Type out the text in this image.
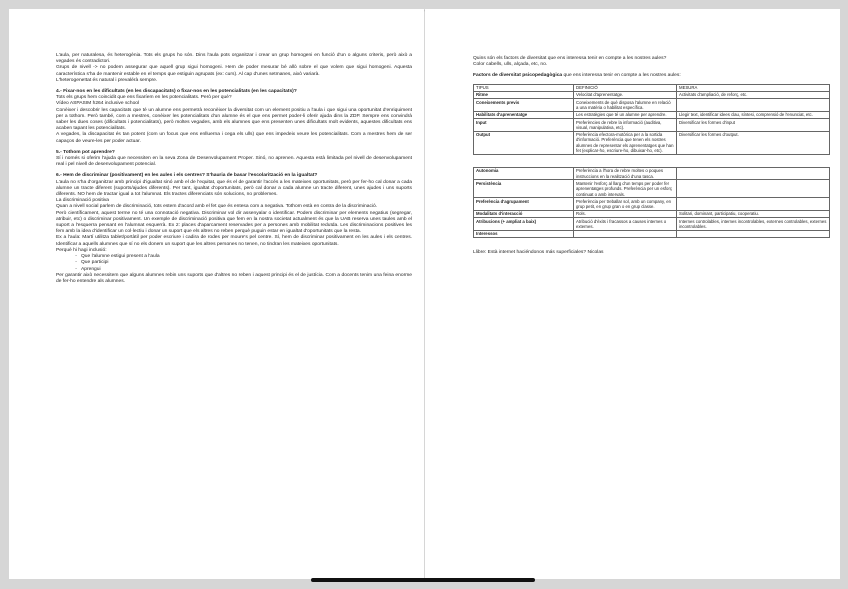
L'aula, per naturalesa, és heterogènia. Tots els grups ho són. Dins l'aula pots organitzar i crear un grup homogeni en funció d'un o alguns criteris, però això a vegades és contradictori.

Grups de nivell -> no podem assegurar que aquell grup sigui homogeni. Hem de poder mesurar bé allò sobre el que volem que sigui homogeni. Aquesta característica s'ha de mantenir estable en el temps que estiguin agrupats (ex: curs). Al cap d'unes setmanes, això variarà.

L'heterogeneïtat és natural i prevalérà sempre.

4.- Fixar-nos en les dificultats (en les discapacitats) o fixar-nos en les potencialitats (en les capacitats)?

Tots els grups hem coincidit que ens fixaríem en les potencialitats. Però per què?

Vídeo ASPASIM h264 inclusive school

Conèixer i descobrir les capacitats que té un alumne ens permetrà reconèixer la diversitat com un element positiu a l'aula i que sigui una oportunitat d'enriquiment per a tothom. Però també, com a mestres, conèixer les potencialitats d'un alumne és el que ens permet poder-li oferir ajuda dins la ZDP. Sempre ens convindrà saber les dues coses (dificultats i potencialitats), però moltes vegades, amb els alumnes que ens presenten unes dificultats molt evidents, aquestes dificultats ens acaben tapant les potencialitats.

A vegades, la discapacitat és tan potent (com un focus que ens enlluerna i cega els ulls) que ens impedeix veure les potencialitats. Com a mestres hem de ser capaços de veure-les per poder actuar.

5.- Tothom pot aprendre?

Sí i només si oferim l'ajuda que necessiten en la seva Zona de Desenvolupament Proper. Sinó, no aprenen. Aquesta està limitada pel nivell de desenvolupament real i pel nivell de desenvolupament potencial.

6.- Hem de discriminar (positivament) en les aules i els centres? S'hauria de basar l'escolarització en la igualtat?

L'aula no s'ha d'organitzar amb principi d'igualtat sinó amb el de l'equitat, que és el de garantir l'accés a les mateixes oportunitats, però per fer-ho cal donar a cada alumne un tracte diferent (suports/ajudes diferents). Per tant, igualtat d'oportunitats, però cal donar a cada alumne un tracte diferent, unes ajudes i uns suports diferents. NO hem de tractar igual a tot l'alumnat. Els tractes diferenciats són solucions, no problemes.

La discriminació positiva

Quan a nivell social parlem de discriminació, tots estem d'acord amb el fet que és entesa com a negativa. Tothom està en contra de la discriminació.

Però científicament, aquest terme no té una connotació negativa. Discriminar vol dir assenyalar o identificar. Podem discriminar per elements negatius (segregar, atribuir, etc) o discriminar positivament. Un exemple de discriminació positiva que fem en la nostra societat actualment és que la UAB reserva unes taules amb el suport a l'esquerra pensant en l'alumnat esquerrà. Ex 2: places d'aparcament reservades per a persones amb mobilitat reduïda. Les discriminacions positives les fem amb la idea d'identificar un col·lectiu i donar un suport que els altres no reben perquè puguin estar en igualtat d'oportunitats que la resta.

Ex a l'aula: Martí utilitza tablet/portàtil per poder escriure i cadira de rodes per moure's pel centre. Sí, hem de discriminar positivament en les aules i els centres. Identificar a aquells alumnes que sí no els donem un suport que les altres persones no tenen, no tindran les mateixes oportunitats.

Perquè hi hagi inclusió:

- Que l'alumne estigui present a l'aula
- Que participi
- Aprengui

Per garantir això necessitem que alguns alumnes rebin uns suports que d'altres no reben i aquest principi és el de justícia. Com a docents tenim una feina enorme de fer-ho entendre als alumnes.

Quins són els factors de diversitat que ens interessa tenir en compte a les nostres aules?

Color cabells, ulls, alçada, etc, no.

Factors de diversitat psicopedagògica que ens interessa tenir en compte a les nostres aules:

TIPUS	DEFINICIÓ	MESURA
Ritme	Velocitat d'aprenentatge.	Activitats d'ampliació, de reforç, etc.
Coneixements previs	Coneixements de què disposa l'alumne en relació a una matèria o habilitat específica.	
Habilitats d'aprenentatge	Les estratègies que té un alumne per aprendre.	Llegir text, identificar idees clau, síntesi, comprensió de l'enunciat, etc.
Input	Preferències de rebre la informació (auditiva, visual, manipulativa, etc).	Diversificar les formes d'input
Output	Preferència efectora-motòrica per a la sortida d'informació. Preferència que tenen els nostres alumnes de representar els aprenentatges que han fet (explicar-ho, escriure-ho, dibuixar-ho, etc).	Diversificar les formes d'output.
Autonomia	Preferència a l'hora de rebre moltes o poques instruccions en la realització d'una tasca.	
Persistència	Mantenir l'esforç al llarg d'un temps per poder fer aprenentatges profunds. Preferència per un esforç continuat o amb intervals.	
Preferència d'agrupament	Preferència per treballar sol, amb un company, en grup petit, en grup gran o en grup classe.	
Modalitats d'interacció	Rols.	Solitari, dominant, participatiu, cooperatiu.
Atribucions (+ ampliat a baix)	Atribució d'èxits i fracassos a causes internes o externes.	Internes controlables, internes incontrolables, externes controlables, externes incontrolables.
Interessos		

Llibre: Està internet haciéndonos más superficiales? Nicolas
